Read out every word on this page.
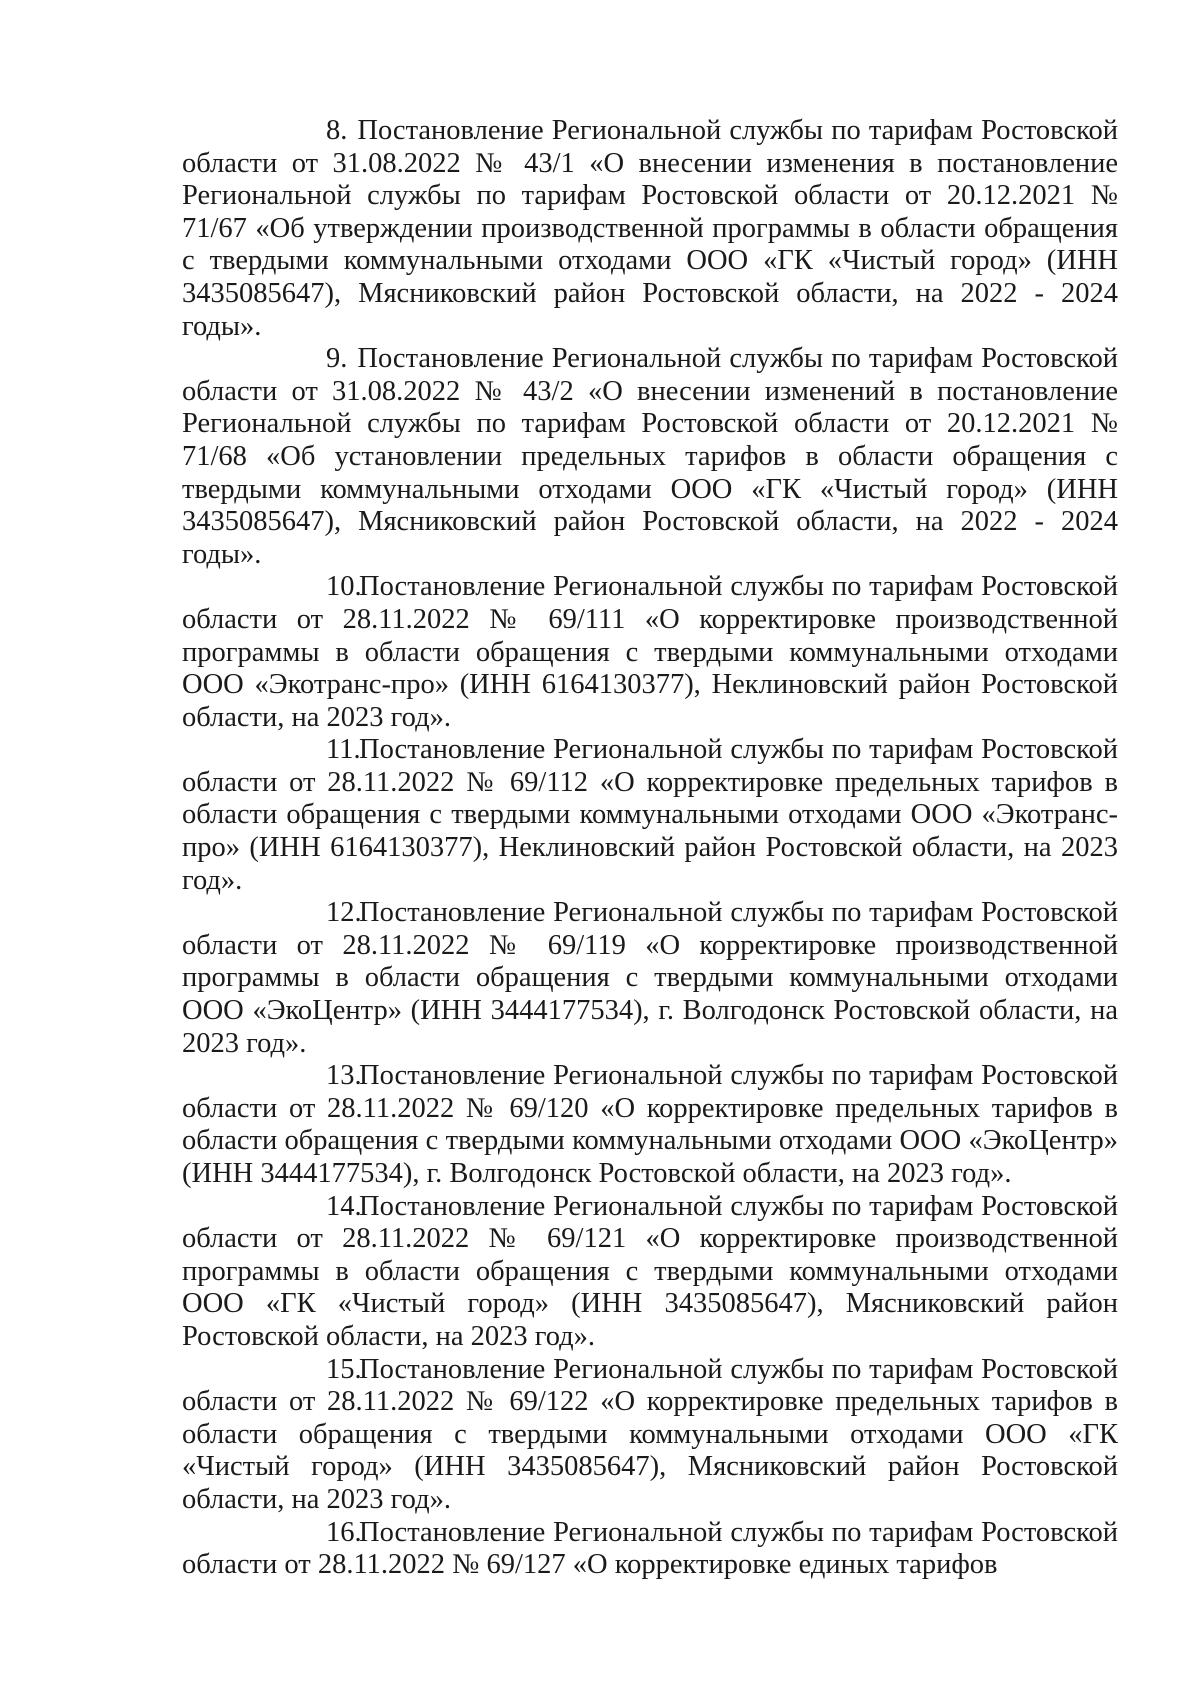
8. Постановление Региональной службы по тарифам Ростовской области от 31.08.2022 № 43/1 «О внесении изменения в постановление Региональной службы по тарифам Ростовской области от 20.12.2021 № 71/67 «Об утверждении производственной программы в области обращения с твердыми коммунальными отходами ООО «ГК «Чистый город» (ИНН 3435085647), Мясниковский район Ростовской области, на 2022 - 2024 годы».

9. Постановление Региональной службы по тарифам Ростовской области от 31.08.2022 № 43/2 «О внесении изменений в постановление Региональной службы по тарифам Ростовской области от 20.12.2021 № 71/68 «Об установлении предельных тарифов в области обращения с твердыми коммунальными отходами ООО «ГК «Чистый город» (ИНН 3435085647), Мясниковский район Ростовской области, на 2022 - 2024 годы».

10.Постановление Региональной службы по тарифам Ростовской области от 28.11.2022 № 69/111 «О корректировке производственной программы в области обращения с твердыми коммунальными отходами ООО «Экотранс-про» (ИНН 6164130377), Неклиновский район Ростовской области, на 2023 год».

11.Постановление Региональной службы по тарифам Ростовской области от 28.11.2022 № 69/112 «О корректировке предельных тарифов в области обращения с твердыми коммунальными отходами ООО «Экотранс-про» (ИНН 6164130377), Неклиновский район Ростовской области, на 2023 год».

12.Постановление Региональной службы по тарифам Ростовской области от 28.11.2022 № 69/119 «О корректировке производственной программы в области обращения с твердыми коммунальными отходами ООО «ЭкоЦентр» (ИНН 3444177534), г. Волгодонск Ростовской области, на 2023 год».

13.Постановление Региональной службы по тарифам Ростовской области от 28.11.2022 № 69/120 «О корректировке предельных тарифов в области обращения с твердыми коммунальными отходами ООО «ЭкоЦентр» (ИНН 3444177534), г. Волгодонск Ростовской области, на 2023 год».

14.Постановление Региональной службы по тарифам Ростовской области от 28.11.2022 № 69/121 «О корректировке производственной программы в области обращения с твердыми коммунальными отходами ООО «ГК «Чистый город» (ИНН 3435085647), Мясниковский район Ростовской области, на 2023 год».

15.Постановление Региональной службы по тарифам Ростовской области от 28.11.2022 № 69/122 «О корректировке предельных тарифов в области обращения с твердыми коммунальными отходами ООО «ГК «Чистый город» (ИНН 3435085647), Мясниковский район Ростовской области, на 2023 год».

16.Постановление Региональной службы по тарифам Ростовской области от 28.11.2022 № 69/127 «О корректировке единых тарифов
